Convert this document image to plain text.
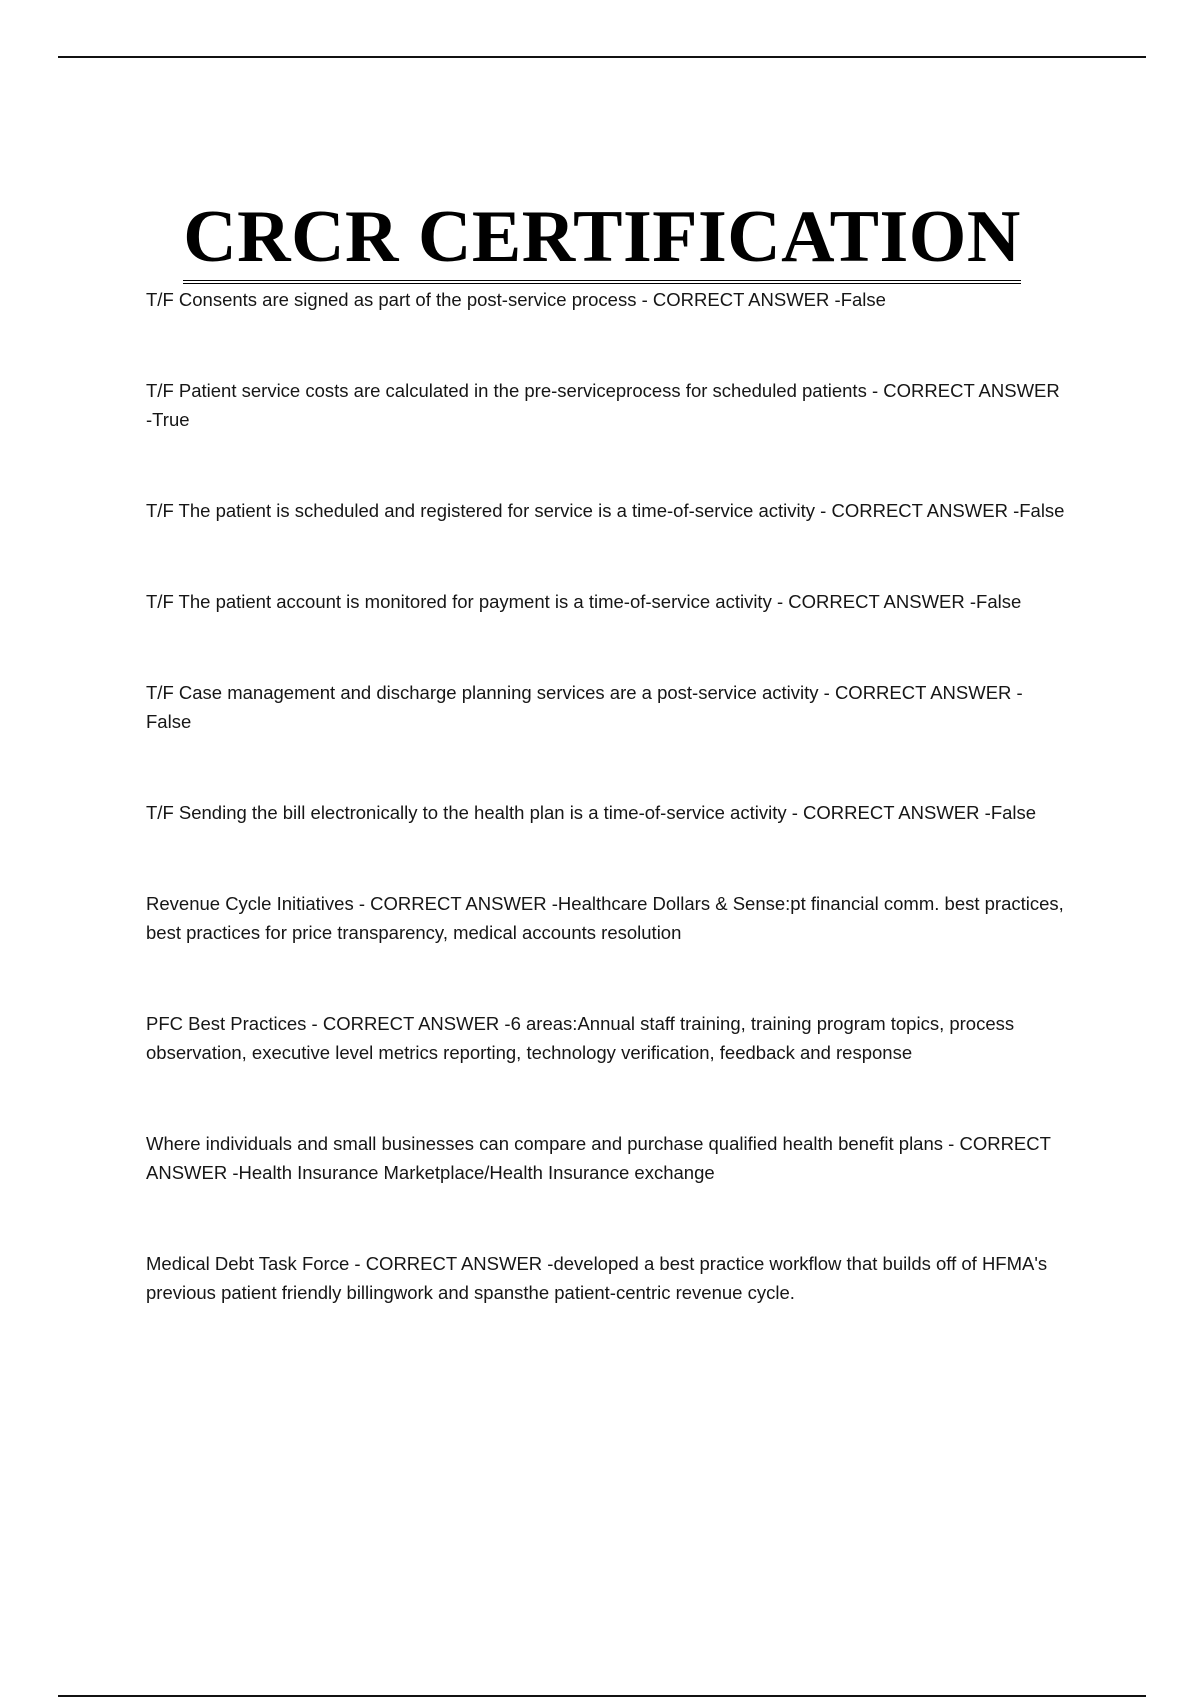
CRCR CERTIFICATION
T/F Consents are signed as part of the post-service process - CORRECT ANSWER -False
T/F Patient service costs are calculated in the pre-serviceprocess for scheduled patients - CORRECT ANSWER -True
T/F The patient is scheduled and registered for service is a time-of-service activity - CORRECT ANSWER -False
T/F The patient account is monitored for payment is a time-of-service activity - CORRECT ANSWER -False
T/F Case management and discharge planning services are a post-service activity - CORRECT ANSWER -False
T/F Sending the bill electronically to the health plan is a time-of-service activity - CORRECT ANSWER -False
Revenue Cycle Initiatives - CORRECT ANSWER -Healthcare Dollars & Sense:pt financial comm. best practices, best practices for price transparency, medical accounts resolution
PFC Best Practices - CORRECT ANSWER -6 areas:Annual staff training, training program topics, process observation, executive level metrics reporting, technology verification, feedback and response
Where individuals and small businesses can compare and purchase qualified health benefit plans - CORRECT ANSWER -Health Insurance Marketplace/Health Insurance exchange
Medical Debt Task Force - CORRECT ANSWER -developed a best practice workflow that builds off of HFMA's previous patient friendly billingwork and spansthe patient-centric revenue cycle.
